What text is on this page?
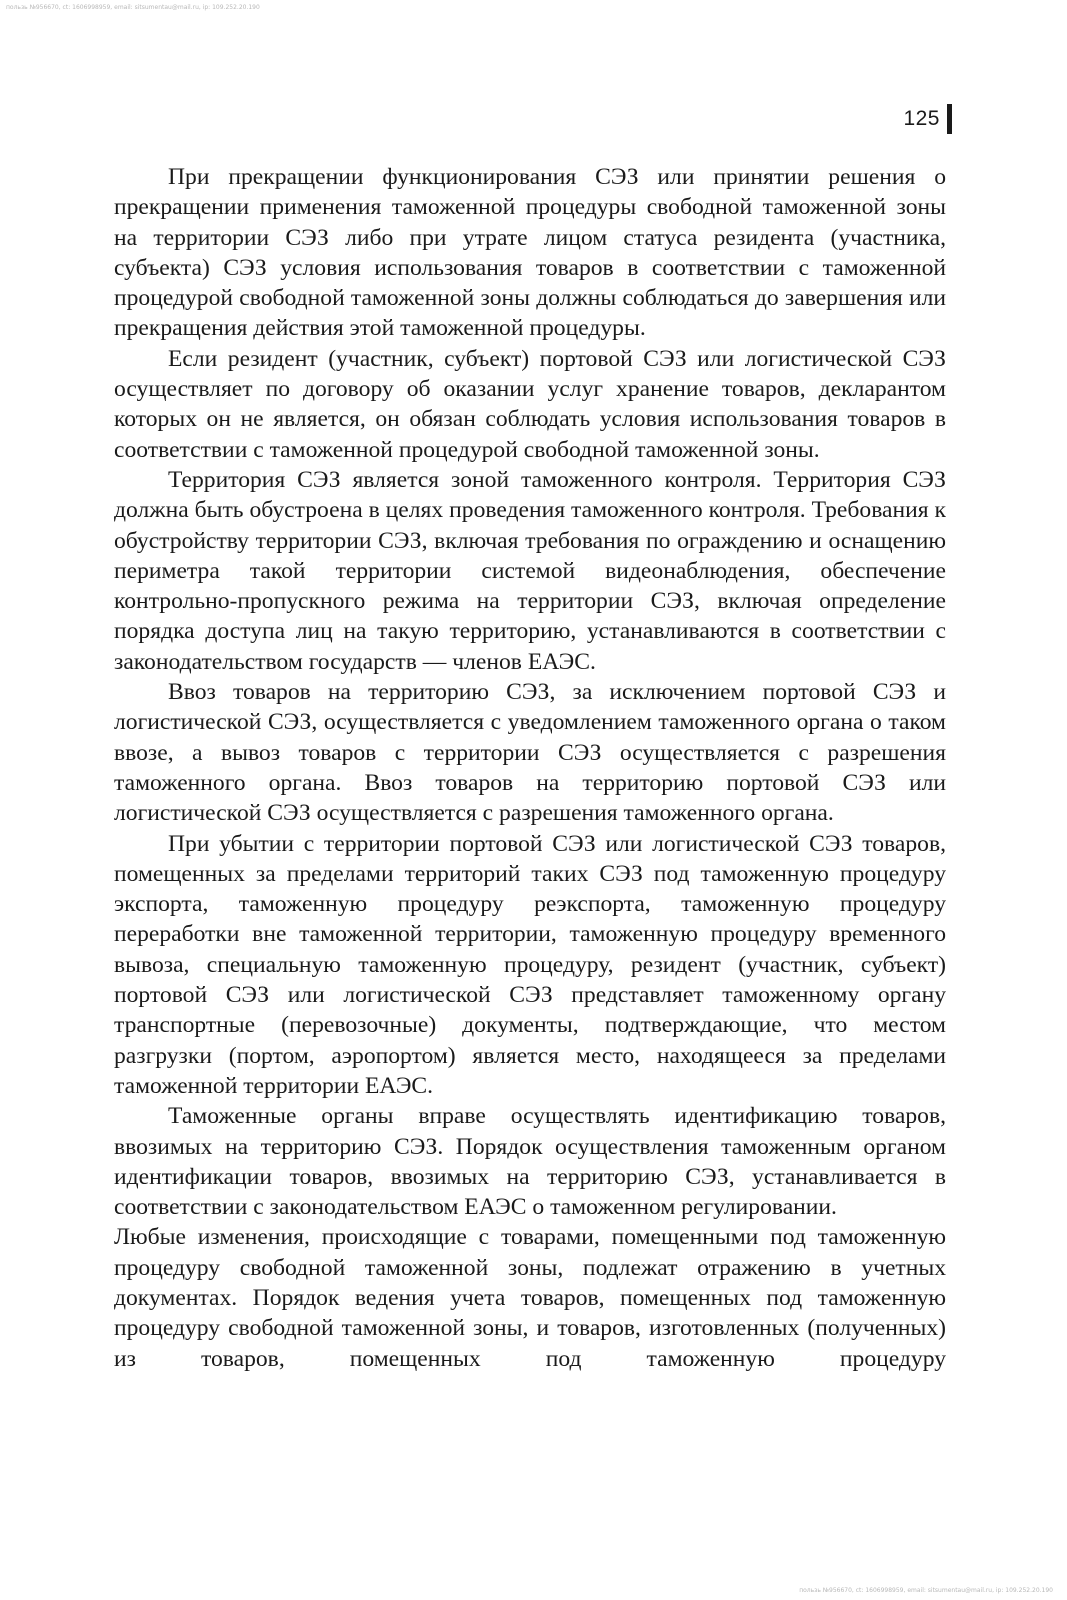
пользь №956670, сt: 1606998959, email: sitsumentau@mail.ru, ip: 109.252.20.190
125

При прекращении функционирования СЭЗ или принятии решения о прекращении применения таможенной процедуры свободной таможенной зоны на территории СЭЗ либо при утрате лицом статуса резидента (участника, субъекта) СЭЗ условия использования товаров в соответствии с таможенной процедурой свободной таможенной зоны должны соблюдаться до завершения или прекращения действия этой таможенной процедуры.

Если резидент (участник, субъект) портовой СЭЗ или логистической СЭЗ осуществляет по договору об оказании услуг хранение товаров, декларантом которых он не является, он обязан соблюдать условия использования товаров в соответствии с таможенной процедурой свободной таможенной зоны.

Территория СЭЗ является зоной таможенного контроля. Территория СЭЗ должна быть обустроена в целях проведения таможенного контроля. Требования к обустройству территории СЭЗ, включая требования по ограждению и оснащению периметра такой территории системой видеонаблюдения, обеспечение контрольно-пропускного режима на территории СЭЗ, включая определение порядка доступа лиц на такую территорию, устанавливаются в соответствии с законодательством государств — членов ЕАЭС.

Ввоз товаров на территорию СЭЗ, за исключением портовой СЭЗ и логистической СЭЗ, осуществляется с уведомлением таможенного органа о таком ввозе, а вывоз товаров с территории СЭЗ осуществляется с разрешения таможенного органа. Ввоз товаров на территорию портовой СЭЗ или логистической СЭЗ осуществляется с разрешения таможенного органа.

При убытии с территории портовой СЭЗ или логистической СЭЗ товаров, помещенных за пределами территорий таких СЭЗ под таможенную процедуру экспорта, таможенную процедуру реэкспорта, таможенную процедуру переработки вне таможенной территории, таможенную процедуру временного вывоза, специальную таможенную процедуру, резидент (участник, субъект) портовой СЭЗ или логистической СЭЗ представляет таможенному органу транспортные (перевозочные) документы, подтверждающие, что местом разгрузки (портом, аэропортом) является место, находящееся за пределами таможенной территории ЕАЭС.

Таможенные органы вправе осуществлять идентификацию товаров, ввозимых на территорию СЭЗ. Порядок осуществления таможенным органом идентификации товаров, ввозимых на территорию СЭЗ, устанавливается в соответствии с законодательством ЕАЭС о таможенном регулировании.

Любые изменения, происходящие с товарами, помещенными под таможенную процедуру свободной таможенной зоны, подлежат отражению в учетных документах. Порядок ведения учета товаров, помещенных под таможенную процедуру свободной таможенной зоны, и товаров, изготовленных (полученных) из товаров, помещенных под таможенную процедуру

пользь №956670, сt: 1606998959, email: sitsumentau@mail.ru, ip: 109.252.20.190
